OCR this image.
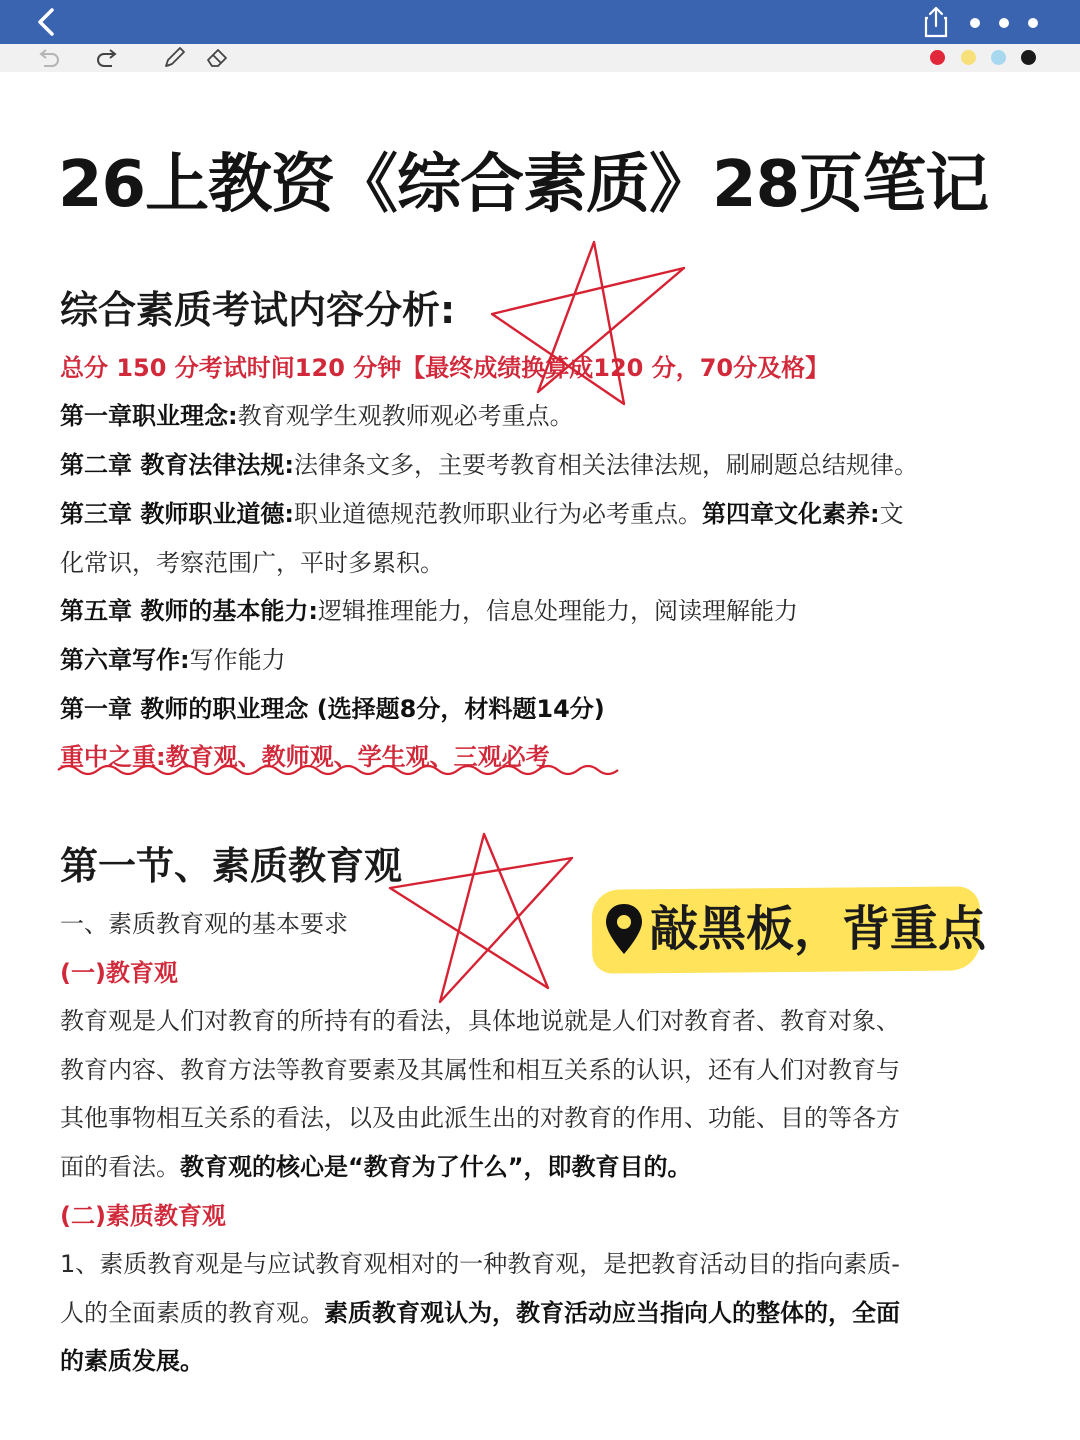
26上教资《综合素质》28页笔记
综合素质考试内容分析:
总分 150 分考试时间120 分钟【最终成绩换算成120 分，70分及格】
第一章职业理念:教育观学生观教师观必考重点。
第二章 教育法律法规:法律条文多，主要考教育相关法律法规，刷刷题总结规律。
第三章 教师职业道德:职业道德规范教师职业行为必考重点。第四章文化素养:文
化常识，考察范围广，平时多累积。
第五章 教师的基本能力:逻辑推理能力，信息处理能力，阅读理解能力
第六章写作:写作能力
第一章 教师的职业理念 (选择题8分，材料题14分)
重中之重:教育观、教师观、学生观、三观必考
第一节、素质教育观
一、素质教育观的基本要求	敲黑板，背重点
(一)教育观
教育观是人们对教育的所持有的看法，具体地说就是人们对教育者、教育对象、
教育内容、教育方法等教育要素及其属性和相互关系的认识，还有人们对教育与
其他事物相互关系的看法，以及由此派生出的对教育的作用、功能、目的等各方
面的看法。教育观的核心是“教育为了什么”，即教育目的。
(二)素质教育观
1、素质教育观是与应试教育观相对的一种教育观，是把教育活动目的指向素质-
人的全面素质的教育观。素质教育观认为，教育活动应当指向人的整体的，全面
的素质发展。
